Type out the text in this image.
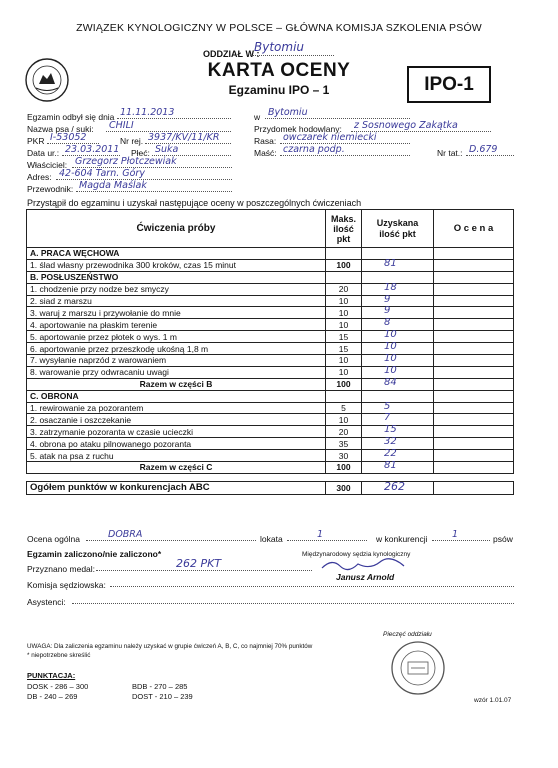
ZWIĄZEK KYNOLOGICZNY W POLSCE – GŁÓWNA KOMISJA SZKOLENIA PSÓW
ODDZIAŁ W :
Bytomiu
KARTA OCENY
Egzaminu IPO – 1	IPO-1
Egzamin odbył się dnia 11.11.2013	w Bytomiu
Nazwa psa / suki: CHILI	Przydomek hodowlany: z Sosnowego Zakątka
PKR I-53052	Nr rej. 3937/KV/11/KR	Rasa: owczarek niemiecki
Data ur.: 23.03.2011 Płeć: Suka	Maść: czarna podp.	Nr tat.: D.679
Właściciel: Grzegorz Płotczewiak
Adres: 42-604 Tarn. Góry
Przewodnik: Magda Maślak
Przystąpił do egzaminu i uzyskał następujące oceny w poszczególnych ćwiczeniach
Ćwiczenia próby	Maks.
ilość
pkt	Uzyskana
ilość pkt	O c e n a
A. PRACA WĘCHOWA			
1. ślad własny przewodnika 300 kroków, czas 15 minut	100	81	

B. POSŁUSZEŃSTWO			
1. chodzenie przy nodze bez smyczy	20	18	

2. siad z marszu	10	9	

3. waruj z marszu i przywołanie do mnie	10	9	

4. aportowanie na płaskim terenie	10	8	

5. aportowanie przez płotek o wys. 1 m	15	10	

6. aportowanie przez przeszkodę ukośną 1,8 m	15	10	

7. wysyłanie naprzód z warowaniem	10	10	

8. warowanie przy odwracaniu uwagi	10	10	

Razem w części B	100	84	

C. OBRONA			
1. rewirowanie za pozorantem	5	5	

2. osaczanie i oszczekanie	10	7	

3. zatrzymanie pozoranta w czasie ucieczki	20	15	

4. obrona po ataku pilnowanego pozoranta	35	32	

5. atak na psa z ruchu	30	22	

Razem w części C	100	81	

Ogółem punktów w konkurencjach ABC	300	262	

Ocena ogólna	DOBRA	lokata	1	w konkurencji	1	psów
Egzamin zaliczono/nie zaliczono*
Przyznano medal:	262 PKT
Komisja sędziowska:
Asystenci:
Międzynarodowy sędzia kynologiczny
Janusz Arnold
Pieczęć oddziału
UWAGA: Dla zaliczenia egzaminu należy uzyskać w grupie ćwiczeń A, B, C, co najmniej 70% punktów
* niepotrzebne skreślić
PUNKTACJA:
DOSK - 286 – 300
DB - 240 – 269
BDB - 270 – 285
DOST - 210 – 239	wzór 1.01.07
